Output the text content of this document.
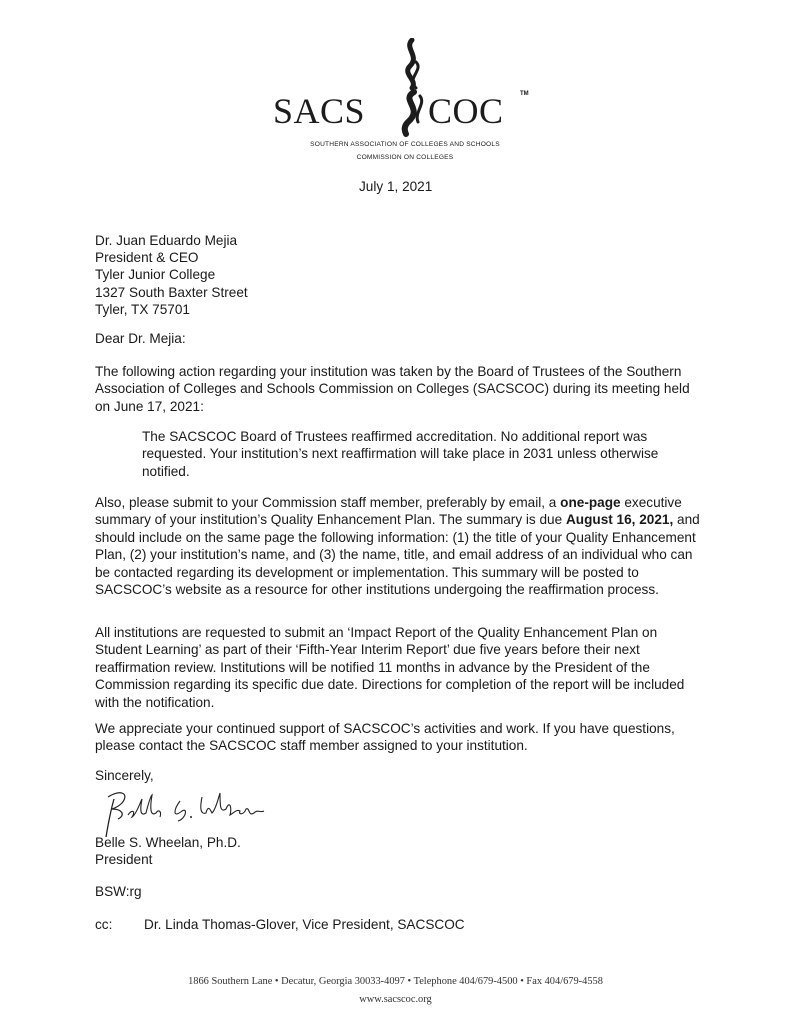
SACS COC	TM
SOUTHERN ASSOCIATION OF COLLEGES AND SCHOOLS
COMMISSION ON COLLEGES
July 1, 2021
Dr. Juan Eduardo Mejia
President & CEO
Tyler Junior College
1327 South Baxter Street
Tyler, TX 75701
Dear Dr. Mejia:

The following action regarding your institution was taken by the Board of Trustees of the Southern Association of Colleges and Schools Commission on Colleges (SACSCOC) during its meeting held on June 17, 2021:

The SACSCOC Board of Trustees reaffirmed accreditation. No additional report was requested. Your institution’s next reaffirmation will take place in 2031 unless otherwise notified.

Also, please submit to your Commission staff member, preferably by email, a one-page executive summary of your institution’s Quality Enhancement Plan. The summary is due August 16, 2021, and should include on the same page the following information: (1) the title of your Quality Enhancement Plan, (2) your institution’s name, and (3) the name, title, and email address of an individual who can be contacted regarding its development or implementation. This summary will be posted to SACSCOC’s website as a resource for other institutions undergoing the reaffirmation process.

All institutions are requested to submit an ‘Impact Report of the Quality Enhancement Plan on Student Learning’ as part of their ‘Fifth-Year Interim Report’ due five years before their next reaffirmation review. Institutions will be notified 11 months in advance by the President of the Commission regarding its specific due date. Directions for completion of the report will be included with the notification.

We appreciate your continued support of SACSCOC’s activities and work. If you have questions, please contact the SACSCOC staff member assigned to your institution.

Sincerely,
Belle S. Wheelan, Ph.D.
President
BSW:rg
cc: Dr. Linda Thomas-Glover, Vice President, SACSCOC
1866 Southern Lane • Decatur, Georgia 30033-4097 • Telephone 404/679-4500 • Fax 404/679-4558
www.sacscoc.org
